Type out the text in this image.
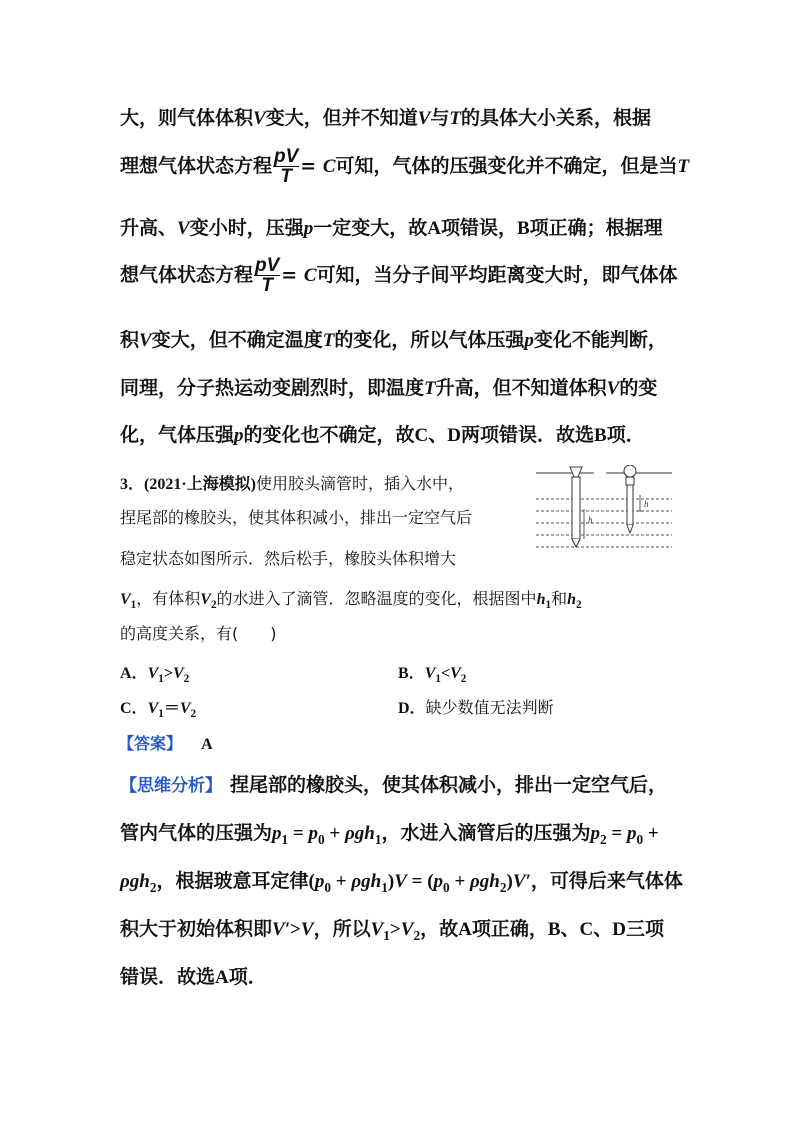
大，则气体体积V变大，但并不知道V与T的具体大小关系，根据
理想气体状态方程 $\frac{pV}{T} = C$可知，气体的压强变化并不确定，但是当T
升高、V变小时，压强p一定变大，故A项错误，B项正确；根据理
想气体状态方程 $\frac{pV}{T} = C$可知，当分子间平均距离变大时，即气体体
积V变大，但不确定温度T的变化，所以气体压强p变化不能判断，
同理，分子热运动变剧烈时，即温度T升高，但不知道体积V的变
化，气体压强p的变化也不确定，故C、D两项错误．故选B项．
3．(2021·上海模拟)使用胶头滴管时，插入水中，
捏尾部的橡胶头，使其体积减小，排出一定空气后
稳定状态如图所示．然后松手，橡胶头体积增大
$V_1$，有体积$V_2$的水进入了滴管．忽略温度的变化，根据图中$h_1$和$h_2$
的高度关系，有(　　)
h
h
A．$V_1>V_2$	B．$V_1<V_2$
C．$V_1=V_2$	D．缺少数值无法判断
【答案】 A
【思维分析】 捏尾部的橡胶头，使其体积减小，排出一定空气后，
管内气体的压强为$p_1 = p_0 + \rho gh_1$，水进入滴管后的压强为$p_2 = p_0$ +
ρgh$_2$，根据玻意耳定律$(p_0 + \rho gh_1)V = (p_0 + \rho gh_2)V'$，可得后来气体体
积大于初始体积即V′>V，所以$V_1>V_2$，故A项正确，B、C、D三项
错误．故选A项．
